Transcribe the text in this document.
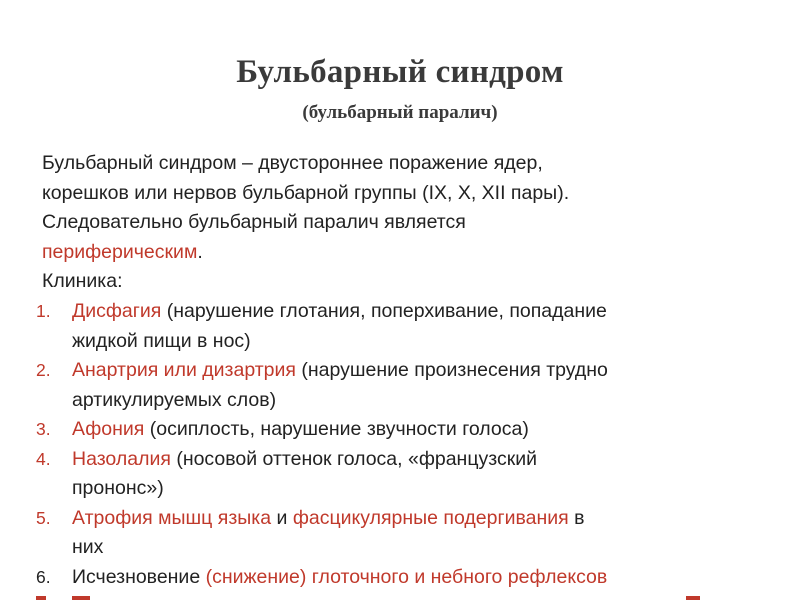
Бульбарный синдром
(бульбарный паралич)

Бульбарный синдром – двустороннее поражение ядер,

корешков или нервов бульбарной группы (IX, X, XII пары).

Следовательно бульбарный паралич является

периферическим.

Клиника:

1. Дисфагия (нарушение глотания, поперхивание, попадание
жидкой пищи в нос)
2. Анартрия или дизартрия (нарушение произнесения трудно
артикулируемых слов)
3. Афония (осиплость, нарушение звучности голоса)
4. Назолалия (носовой оттенок голоса, «французский
прононс»)
5. Атрофия мышц языка и фасцикулярные подергивания в
них
6. Исчезновение (снижение) глоточного и небного рефлексов
